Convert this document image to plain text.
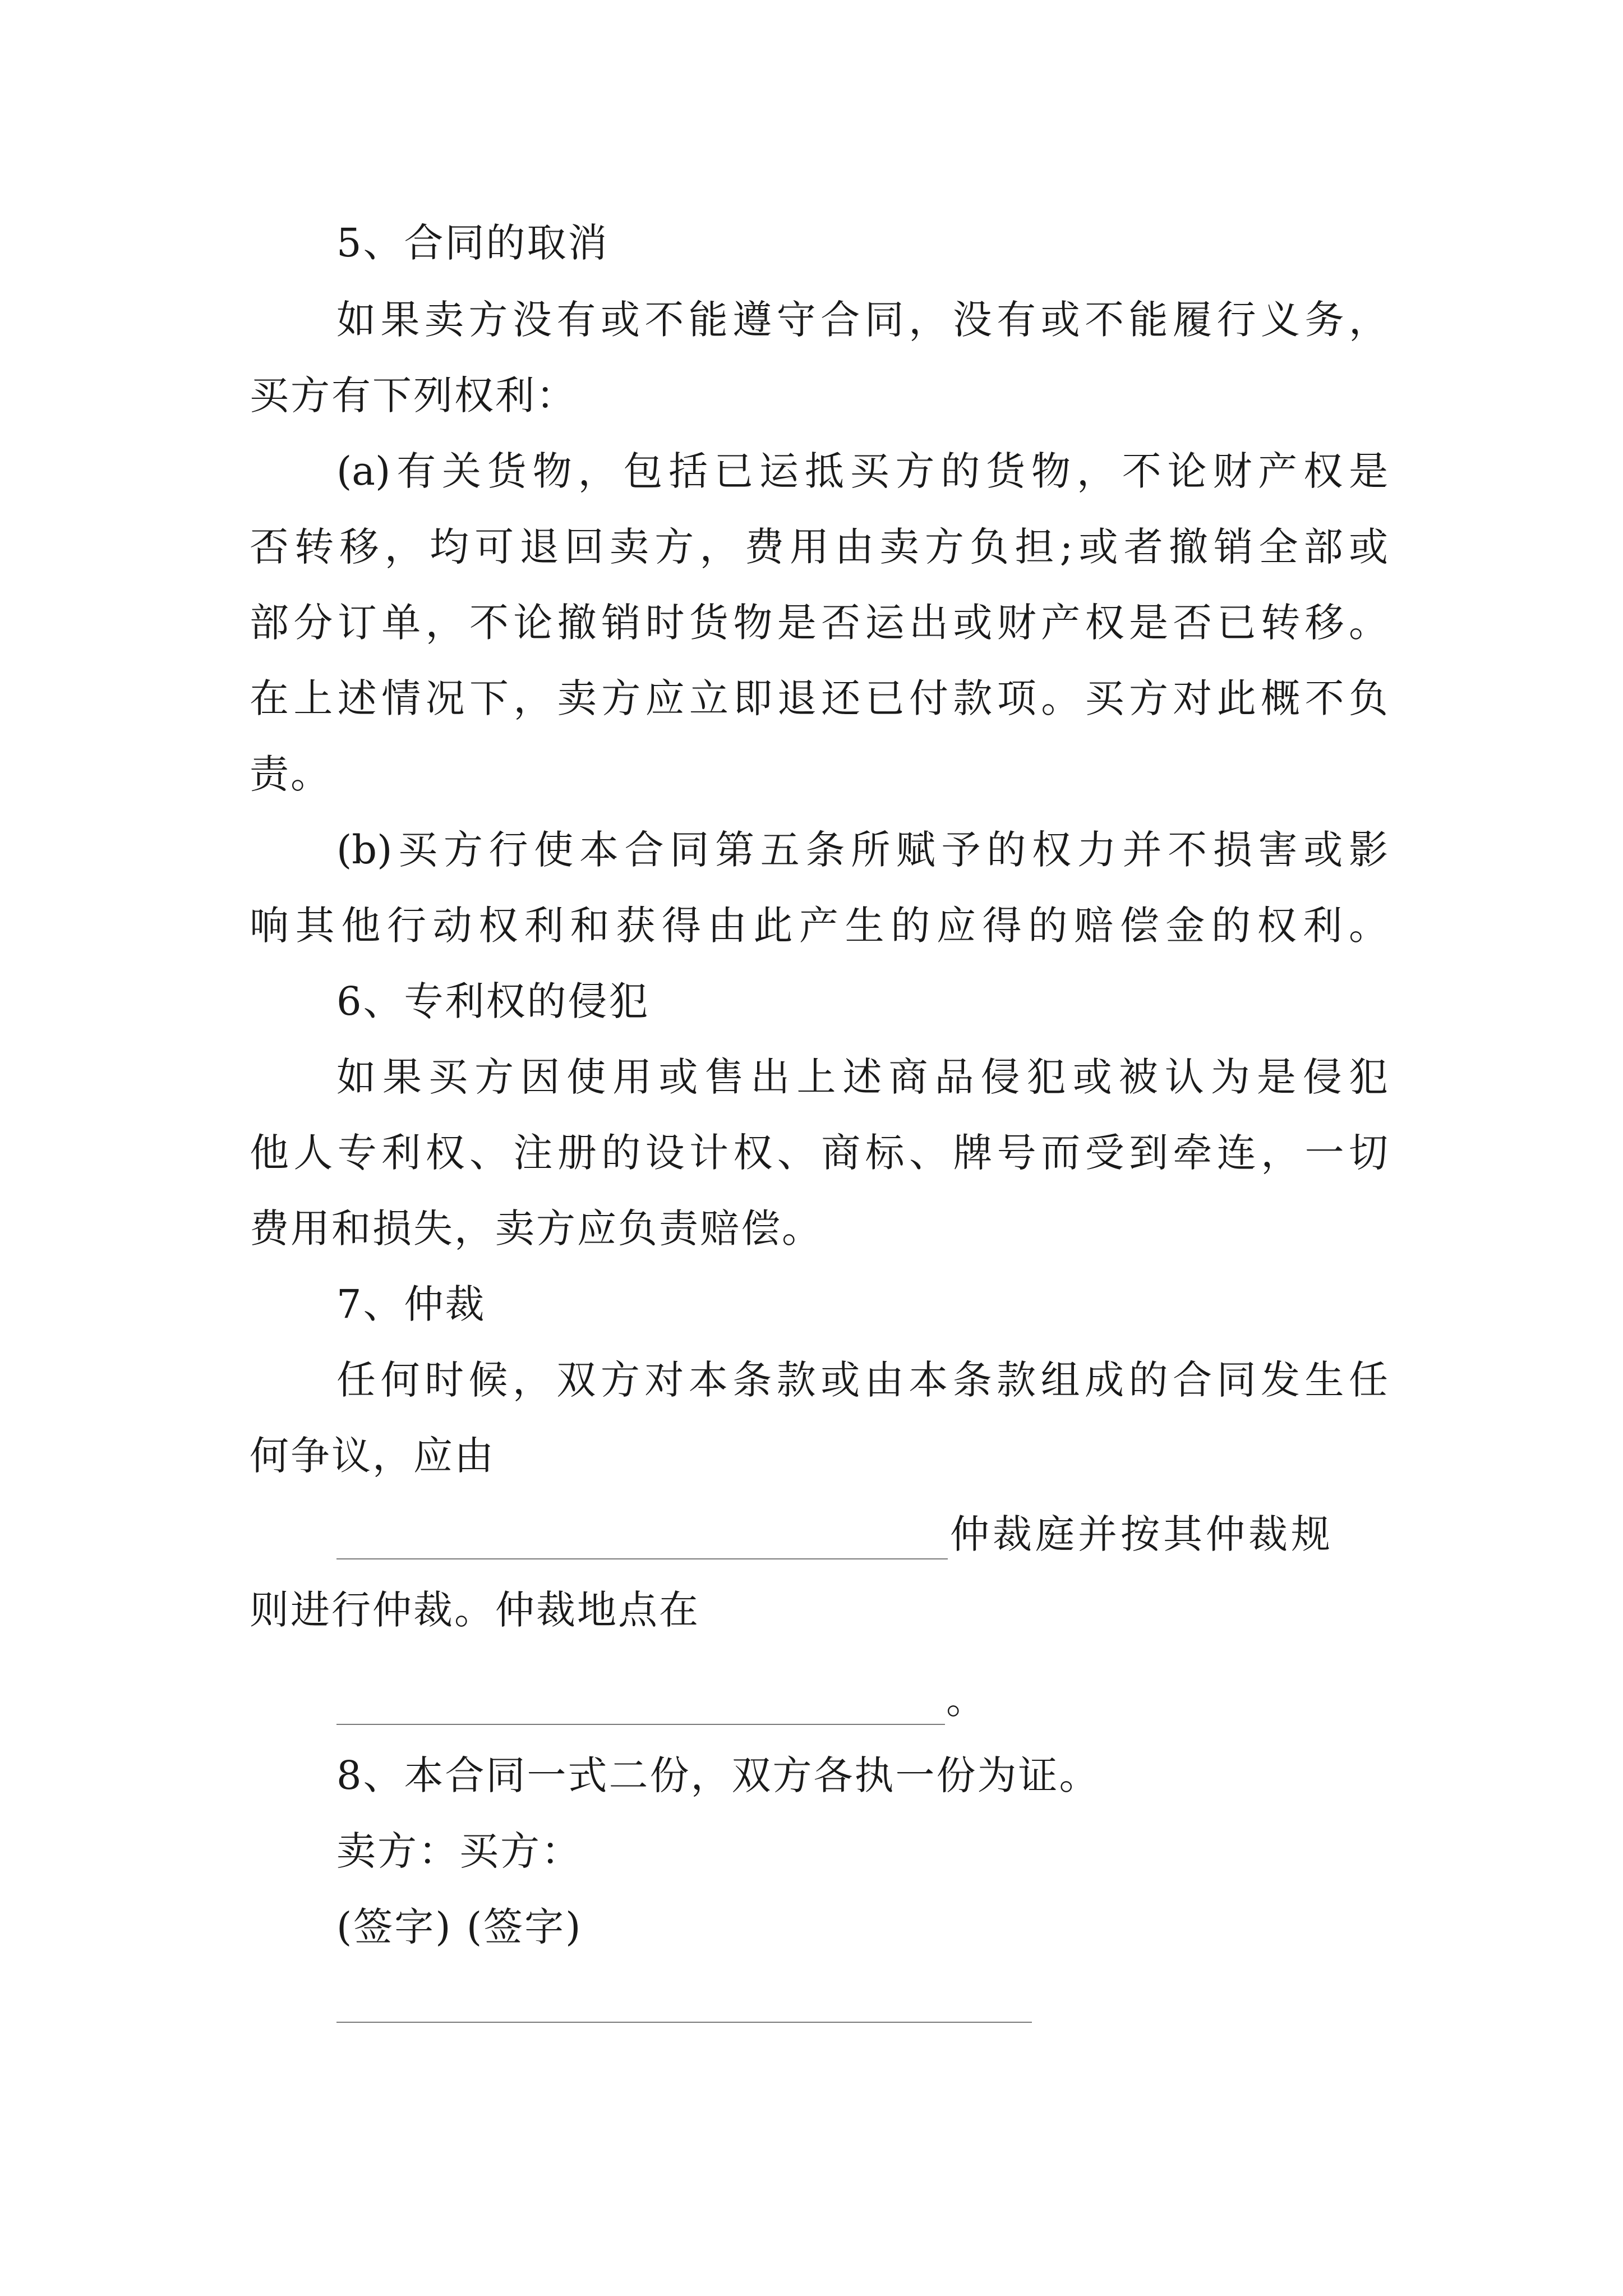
5、合同的取消
如果卖方没有或不能遵守合同，没有或不能履行义务，
买方有下列权利：
(a)有关货物，包括已运抵买方的货物，不论财产权是
否转移，均可退回卖方，费用由卖方负担;或者撤销全部或
部分订单，不论撤销时货物是否运出或财产权是否已转移。
在上述情况下，卖方应立即退还已付款项。买方对此概不负
责。
(b)买方行使本合同第五条所赋予的权力并不损害或影
响其他行动权利和获得由此产生的应得的赔偿金的权利。
6、专利权的侵犯
如果买方因使用或售出上述商品侵犯或被认为是侵犯
他人专利权、注册的设计权、商标、牌号而受到牵连，一切
费用和损失，卖方应负责赔偿。
7、仲裁
任何时候，双方对本条款或由本条款组成的合同发生任
何争议，应由
仲裁庭并按其仲裁规
则进行仲裁。仲裁地点在
。
8、本合同一式二份，双方各执一份为证。
卖方：买方：
(签字) (签字)
